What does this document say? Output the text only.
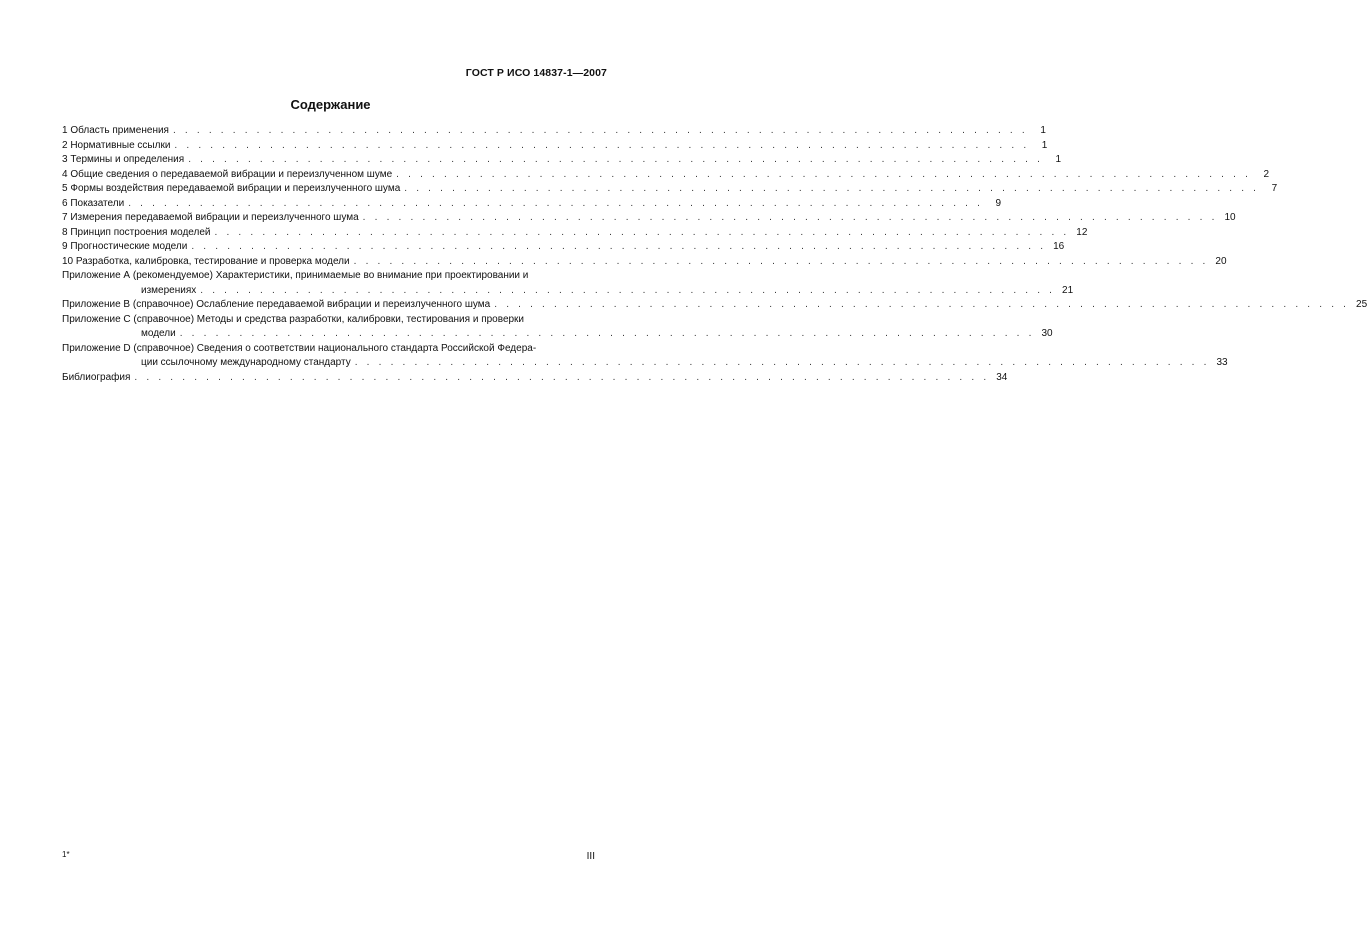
ГОСТ Р ИСО 14837-1—2007
Содержание
1 Область применения . . . . . . . . . . . . . . . . . . . . . . . . . . . . . . . . . . . . . . . . . . . . . . . . . . . . . . . . . . . . . . . . . . . . . . . .	1
2 Нормативные ссылки . . . . . . . . . . . . . . . . . . . . . . . . . . . . . . . . . . . . . . . . . . . . . . . . . . . . . . . . . . . . . . . . . . . . . . . .	1
3 Термины и определения . . . . . . . . . . . . . . . . . . . . . . . . . . . . . . . . . . . . . . . . . . . . . . . . . . . . . . . . . . . . . . . . . . . . . . . .	1
4 Общие сведения о передаваемой вибрации и переизлученном шуме . . . . . . . . . . . . . . . . . . . . . . . . . . . . . . . . . . . . . . . . . . . . . . . . . . . . . . . . . . . . . . . . . . . . . . . .	2
5 Формы воздействия передаваемой вибрации и переизлученного шума . . . . . . . . . . . . . . . . . . . . . . . . . . . . . . . . . . . . . . . . . . . . . . . . . . . . . . . . . . . . . . . . . . . . . . . .	7
6 Показатели . . . . . . . . . . . . . . . . . . . . . . . . . . . . . . . . . . . . . . . . . . . . . . . . . . . . . . . . . . . . . . . . . . . . . . . .	9
7 Измерения передаваемой вибрации и переизлученного шума . . . . . . . . . . . . . . . . . . . . . . . . . . . . . . . . . . . . . . . . . . . . . . . . . . . . . . . . . . . . . . . . . . . . . . . . 10
8 Принцип построения моделей . . . . . . . . . . . . . . . . . . . . . . . . . . . . . . . . . . . . . . . . . . . . . . . . . . . . . . . . . . . . . . . . . . . . . . . . 12
9 Прогностические модели . . . . . . . . . . . . . . . . . . . . . . . . . . . . . . . . . . . . . . . . . . . . . . . . . . . . . . . . . . . . . . . . . . . . . . . . 16
10 Разработка, калибровка, тестирование и проверка модели . . . . . . . . . . . . . . . . . . . . . . . . . . . . . . . . . . . . . . . . . . . . . . . . . . . . . . . . . . . . . . . . . . . . . . . . 20
Приложение А (рекомендуемое) Характеристики, принимаемые во внимание при проектировании и
измерениях . . . . . . . . . . . . . . . . . . . . . . . . . . . . . . . . . . . . . . . . . . . . . . . . . . . . . . . . . . . . . . . . . . . . . . . . 21
Приложение В (справочное) Ослабление передаваемой вибрации и переизлученного шума . . . . . . . . . . . . . . . . . . . . . . . . . . . . . . . . . . . . . . . . . . . . . . . . . . . . . . . . . . . . . . . . . . . . . . . . 25
Приложение С (справочное) Методы и средства разработки, калибровки, тестирования и проверки
модели . . . . . . . . . . . . . . . . . . . . . . . . . . . . . . . . . . . . . . . . . . . . . . . . . . . . . . . . . . . . . . . . . . . . . . . . 30
Приложение D (справочное) Сведения о соответствии национального стандарта Российской Федера-
ции ссылочному международному стандарту . . . . . . . . . . . . . . . . . . . . . . . . . . . . . . . . . . . . . . . . . . . . . . . . . . . . . . . . . . . . . . . . . . . . . . . . 33
Библиография . . . . . . . . . . . . . . . . . . . . . . . . . . . . . . . . . . . . . . . . . . . . . . . . . . . . . . . . . . . . . . . . . . . . . . . . 34
1*	III
